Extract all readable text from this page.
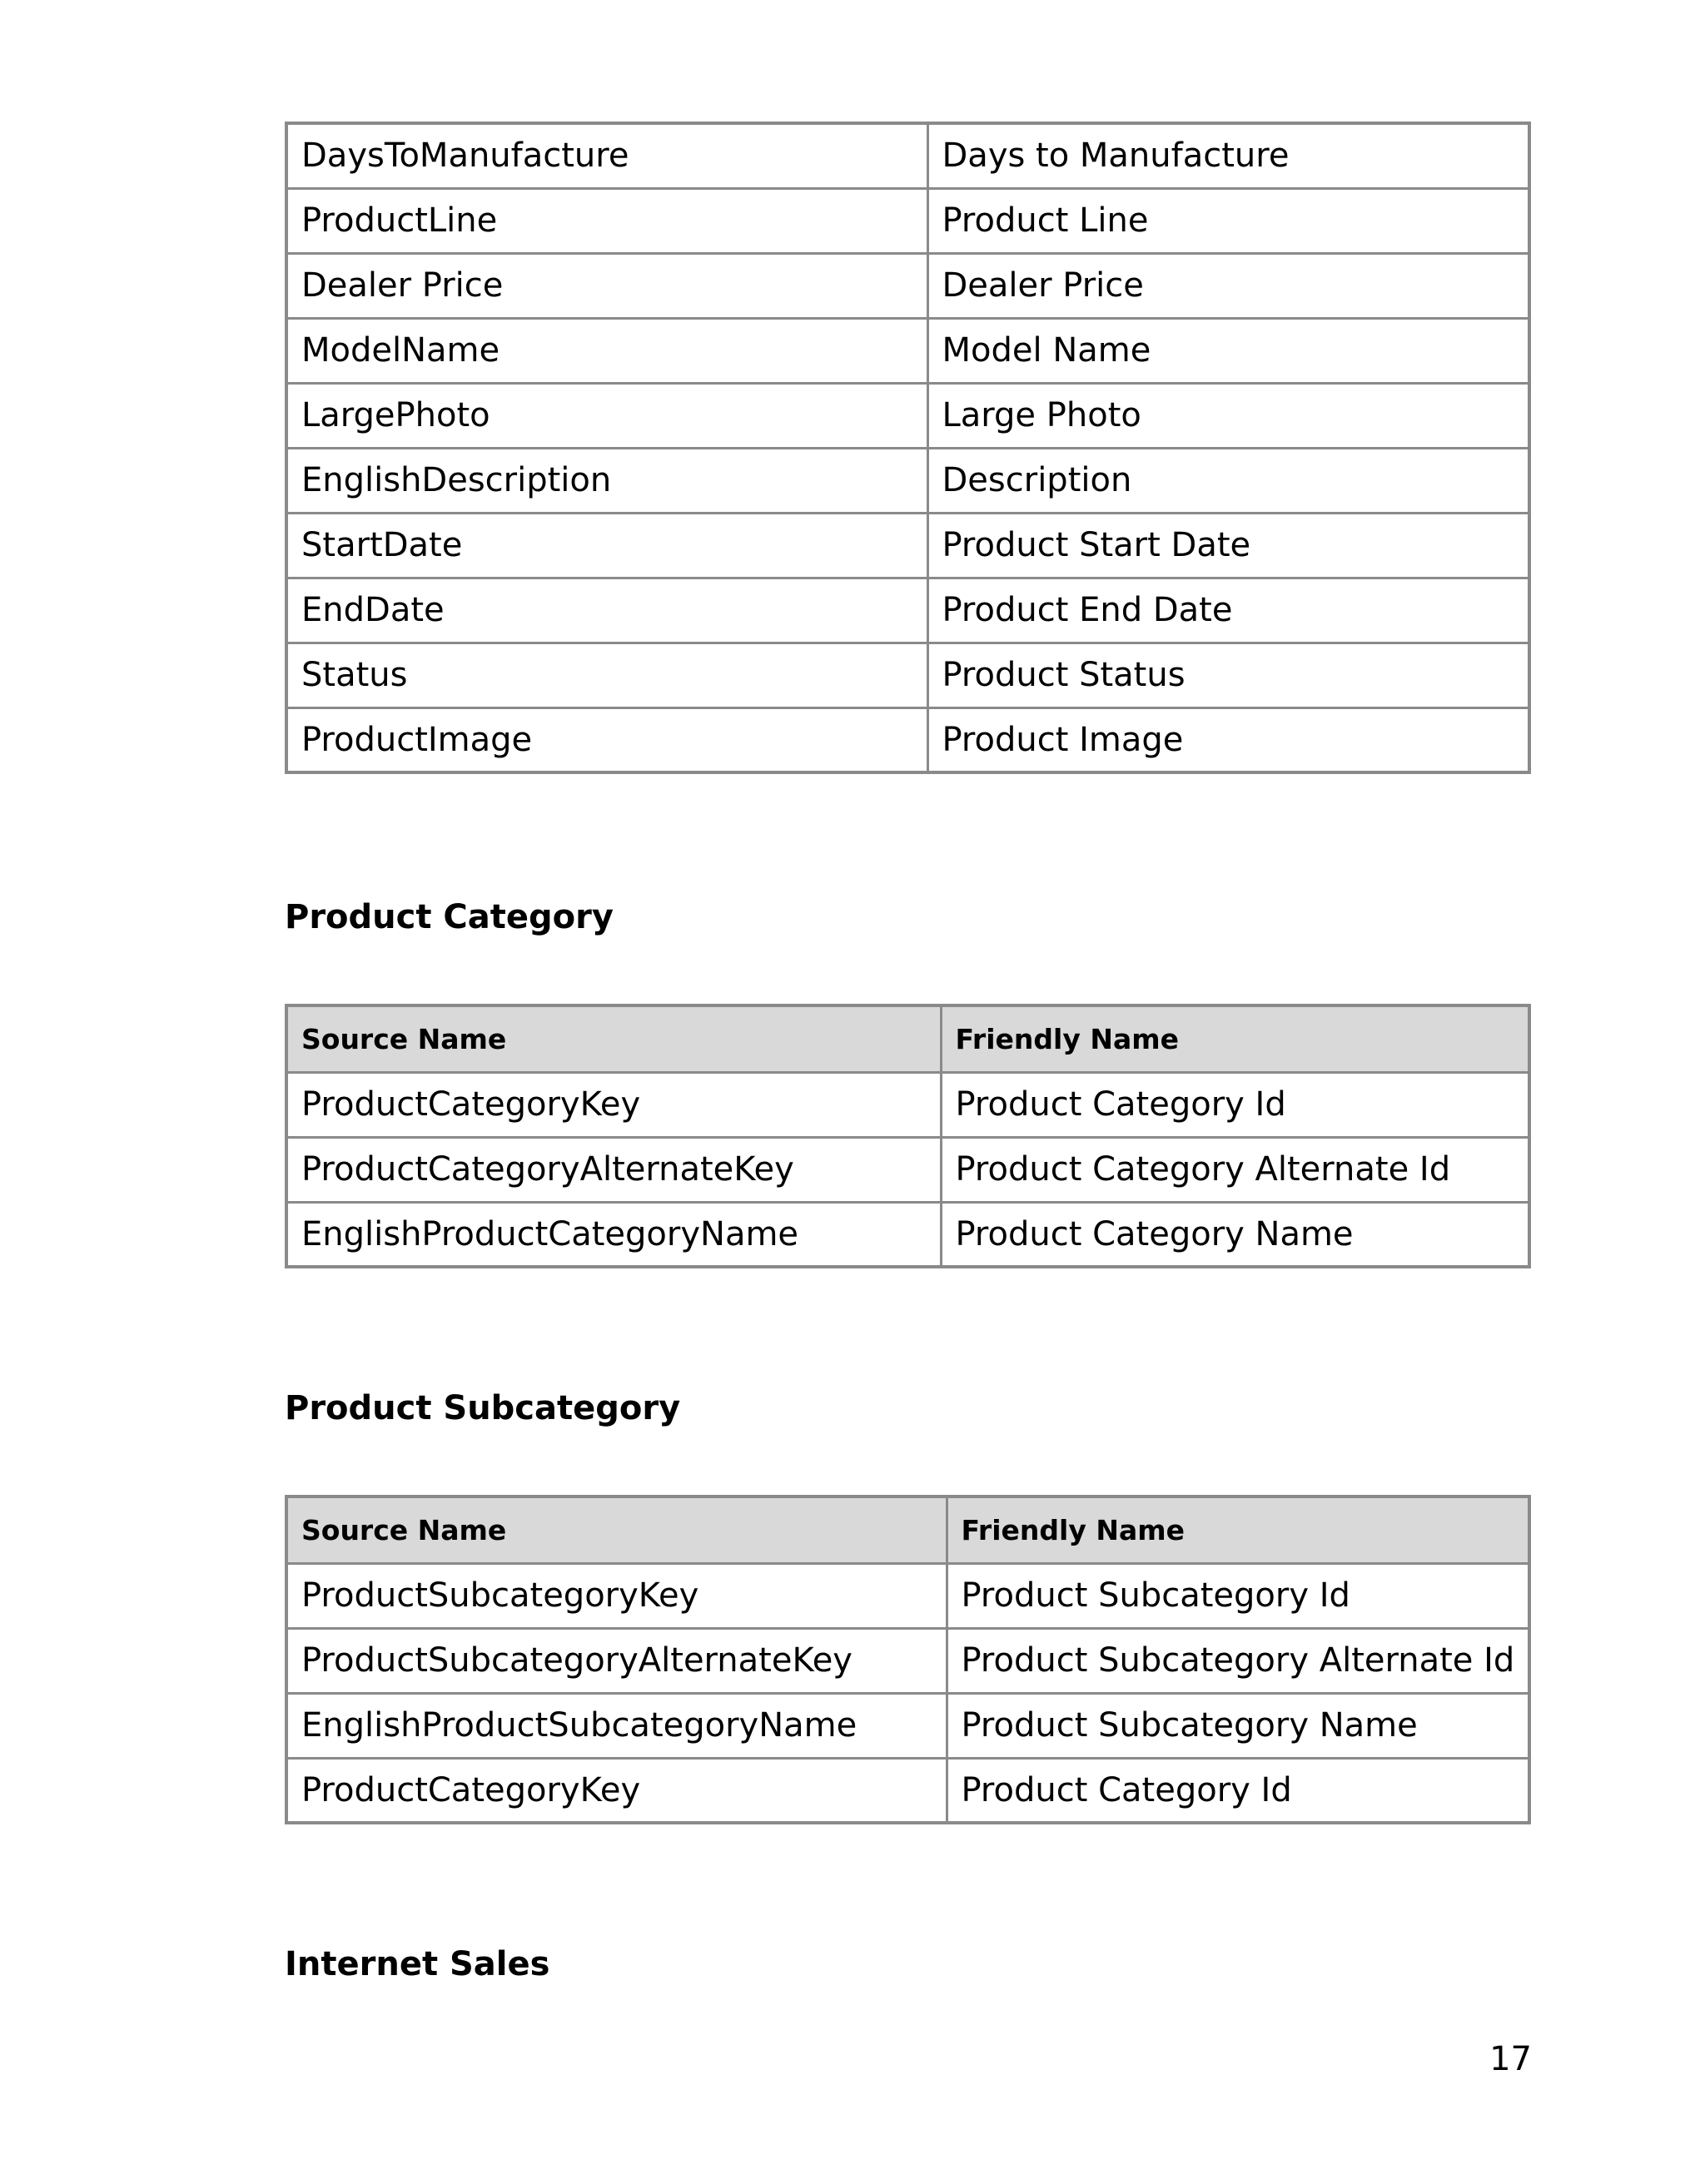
DaysToManufacture	Days to Manufacture
ProductLine	Product Line
Dealer Price	Dealer Price
ModelName	Model Name
LargePhoto	Large Photo
EnglishDescription	Description
StartDate	Product Start Date
EndDate	Product End Date
Status	Product Status
ProductImage	Product Image
Product Category
Source Name	Friendly Name
ProductCategoryKey	Product Category Id
ProductCategoryAlternateKey	Product Category Alternate Id
EnglishProductCategoryName	Product Category Name
Product Subcategory
Source Name	Friendly Name
ProductSubcategoryKey	Product Subcategory Id
ProductSubcategoryAlternateKey	Product Subcategory Alternate Id
EnglishProductSubcategoryName	Product Subcategory Name
ProductCategoryKey	Product Category Id
Internet Sales
17
